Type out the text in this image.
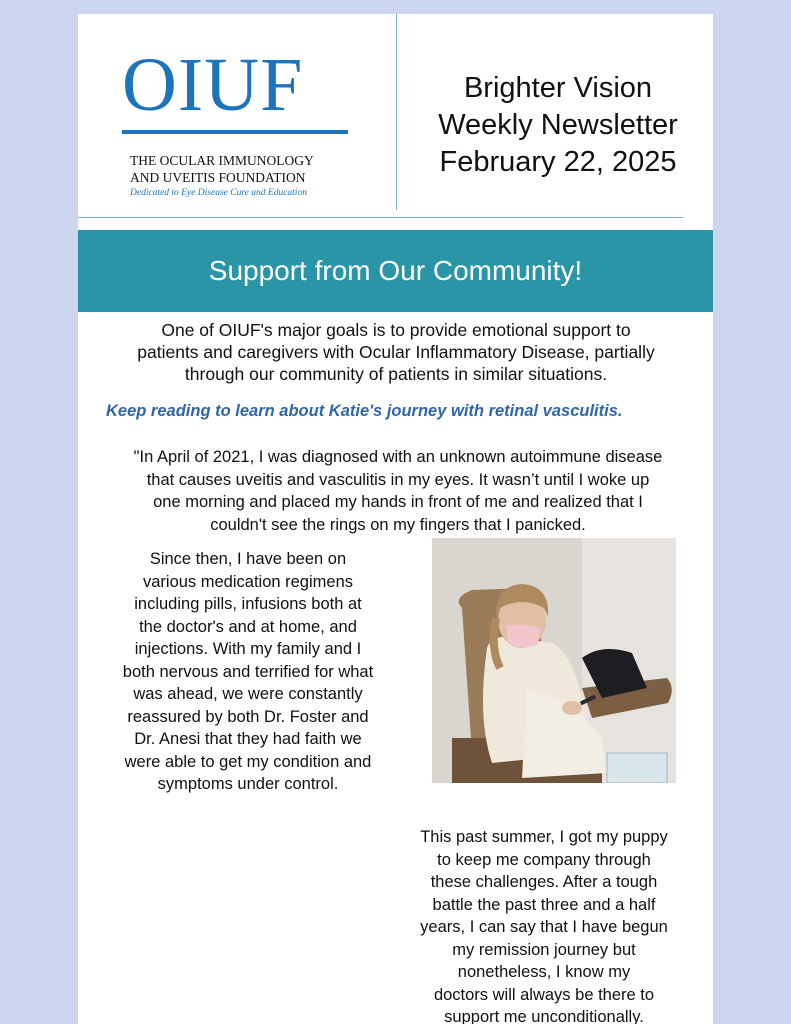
OIUF
THE OCULAR IMMUNOLOGY
AND UVEITIS FOUNDATION
Dedicated to Eye Disease Cure and Education
Brighter Vision
Weekly Newsletter
February 22, 2025
Support from Our Community!
One of OIUF's major goals is to provide emotional support to
patients and caregivers with Ocular Inflammatory Disease, partially
through our community of patients in similar situations.
Keep reading to learn about Katie's journey with retinal vasculitis.
"In April of 2021, I was diagnosed with an unknown autoimmune disease
that causes uveitis and vasculitis in my eyes. It wasn’t until I woke up
one morning and placed my hands in front of me and realized that I
couldn't see the rings on my fingers that I panicked.
Since then, I have been on
various medication regimens
including pills, infusions both at
the doctor's and at home, and
injections. With my family and I
both nervous and terrified for what
was ahead, we were constantly
reassured by both Dr. Foster and
Dr. Anesi that they had faith we
were able to get my condition and
symptoms under control.
This past summer, I got my puppy
to keep me company through
these challenges. After a tough
battle the past three and a half
years, I can say that I have begun
my remission journey but
nonetheless, I know my
doctors will always be there to
support me unconditionally.
